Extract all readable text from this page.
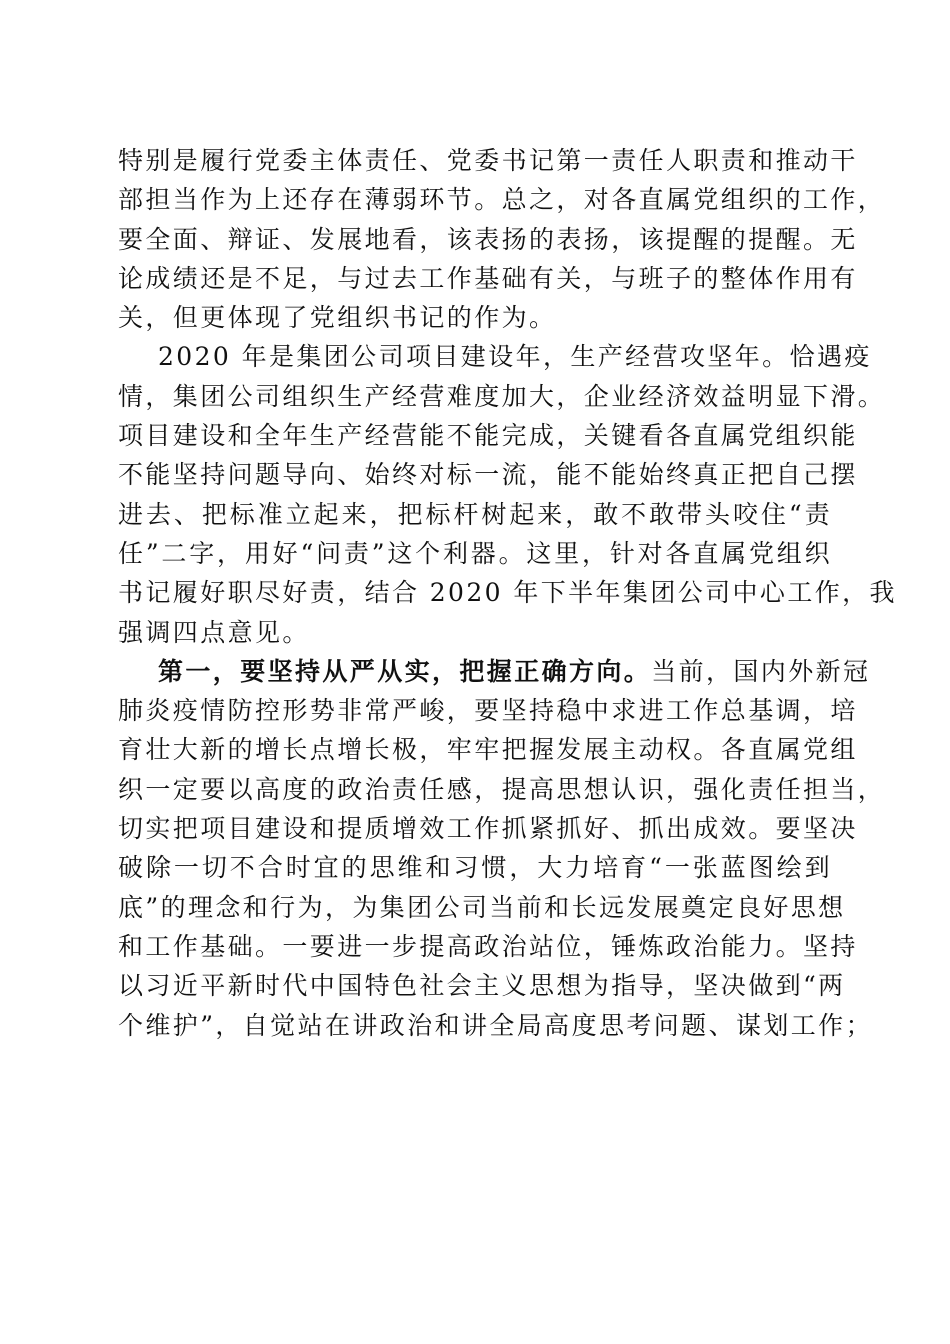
特别是履行党委主体责任、党委书记第一责任人职责和推动干
部担当作为上还存在薄弱环节。总之，对各直属党组织的工作，
要全面、辩证、发展地看，该表扬的表扬，该提醒的提醒。无
论成绩还是不足，与过去工作基础有关，与班子的整体作用有
关，但更体现了党组织书记的作为。
2020 年是集团公司项目建设年，生产经营攻坚年。恰遇疫
情，集团公司组织生产经营难度加大，企业经济效益明显下滑。
项目建设和全年生产经营能不能完成，关键看各直属党组织能
不能坚持问题导向、始终对标一流，能不能始终真正把自己摆
进去、把标准立起来，把标杆树起来，敢不敢带头咬住“责
任”二字，用好“问责”这个利器。这里，针对各直属党组织
书记履好职尽好责，结合 2020 年下半年集团公司中心工作，我
强调四点意见。
第一，要坚持从严从实，把握正确方向。当前，国内外新冠
肺炎疫情防控形势非常严峻，要坚持稳中求进工作总基调，培
育壮大新的增长点增长极，牢牢把握发展主动权。各直属党组
织一定要以高度的政治责任感，提高思想认识，强化责任担当，
切实把项目建设和提质增效工作抓紧抓好、抓出成效。要坚决
破除一切不合时宜的思维和习惯，大力培育“一张蓝图绘到
底”的理念和行为，为集团公司当前和长远发展奠定良好思想
和工作基础。一要进一步提高政治站位，锤炼政治能力。坚持
以习近平新时代中国特色社会主义思想为指导，坚决做到“两
个维护”，自觉站在讲政治和讲全局高度思考问题、谋划工作；
